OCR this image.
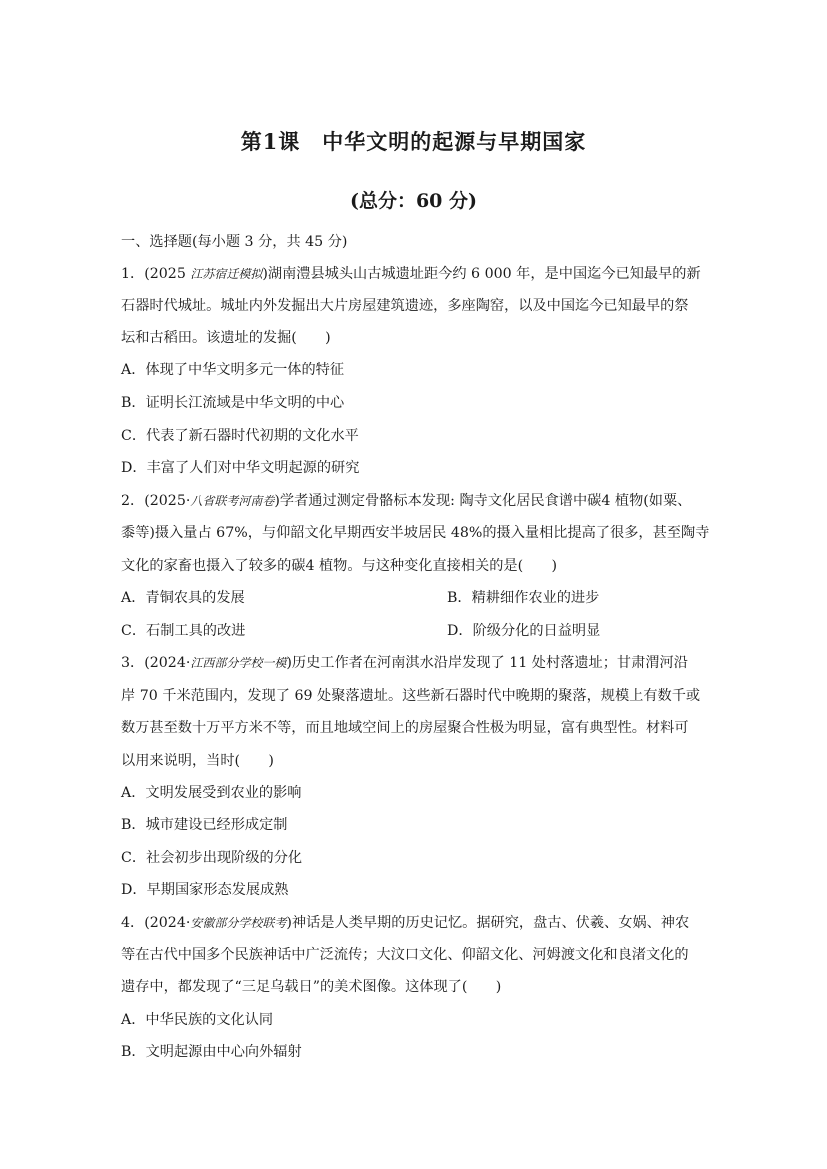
第1课　中华文明的起源与早期国家
(总分：60 分)
一、选择题(每小题 3 分，共 45 分)
1．(2025 江苏宿迁模拟)湖南澧县城头山古城遗址距今约 6 000 年，是中国迄今已知最早的新
石器时代城址。城址内外发掘出大片房屋建筑遗迹，多座陶窑，以及中国迄今已知最早的祭
坛和古稻田。该遗址的发掘(　　)
A．体现了中华文明多元一体的特征
B．证明长江流域是中华文明的中心
C．代表了新石器时代初期的文化水平
D．丰富了人们对中华文明起源的研究
2．(2025·八省联考河南卷)学者通过测定骨骼标本发现: 陶寺文化居民食谱中碳4 植物(如粟、
黍等)摄入量占 67%，与仰韶文化早期西安半坡居民 48%的摄入量相比提高了很多，甚至陶寺
文化的家畜也摄入了较多的碳4 植物。与这种变化直接相关的是(　　)
A．青铜农具的发展	B．精耕细作农业的进步
C．石制工具的改进	D．阶级分化的日益明显
3．(2024·江西部分学校一模)历史工作者在河南淇水沿岸发现了 11 处村落遗址；甘肃渭河沿
岸 70 千米范围内，发现了 69 处聚落遗址。这些新石器时代中晚期的聚落，规模上有数千或
数万甚至数十万平方米不等，而且地域空间上的房屋聚合性极为明显，富有典型性。材料可
以用来说明，当时(　　)
A．文明发展受到农业的影响
B．城市建设已经形成定制
C．社会初步出现阶级的分化
D．早期国家形态发展成熟
4．(2024·安徽部分学校联考)神话是人类早期的历史记忆。据研究，盘古、伏羲、女娲、神农
等在古代中国多个民族神话中广泛流传；大汶口文化、仰韶文化、河姆渡文化和良渚文化的
遗存中，都发现了“三足乌载日”的美术图像。这体现了(　　)
A．中华民族的文化认同
B．文明起源由中心向外辐射
